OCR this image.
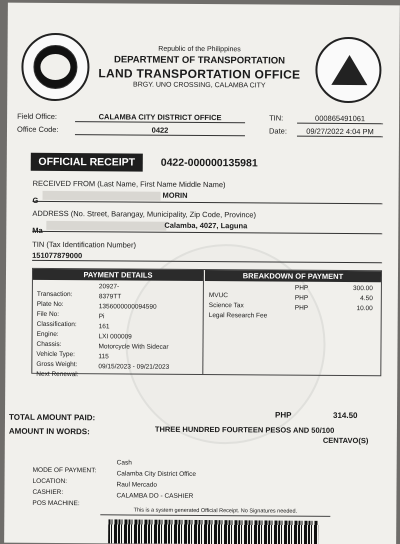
Republic of the Philippines
DEPARTMENT OF TRANSPORTATION
LAND TRANSPORTATION OFFICE
BRGY. UNO CROSSING, CALAMBA CITY
Field Office:	CALAMBA CITY DISTRICT OFFICE
Office Code:	0422
TIN:	000865491061
Date:	09/27/2022 4:04 PM
OFFICIAL RECEIPT	0422-000000135981
RECEIVED FROM (Last Name, First Name Middle Name)
G
MORIN
ADDRESS (No. Street, Barangay, Municipality, Zip Code, Province)
Ma
Calamba, 4027, Laguna
TIN (Tax Identification Number)
151077879000
PAYMENT DETAILS	BREAKDOWN OF PAYMENT
Transaction:
20927-
Plate No:
8379TT
File No:
1356000000094590
Classification:
Pi
Engine:
161
Chassis:
LXI 000009
Vehicle Type:
Motorcycle With Sidecar
Gross Weight:
115
Next Renewal:
09/15/2023 - 09/21/2023
MVUC
PHP	300.00
Science Tax
PHP	4.50
Legal Research Fee
PHP	10.00
TOTAL AMOUNT PAID:	PHP	314.50
AMOUNT IN WORDS:	THREE HUNDRED FOURTEEN PESOS AND 50/100
CENTAVO(S)
MODE OF PAYMENT:
Cash
LOCATION:
Calamba City District Office
CASHIER:
Raul Mercado
POS MACHINE:
CALAMBA DO - CASHIER
This is a system generated Official Receipt. No Signatures needed.
